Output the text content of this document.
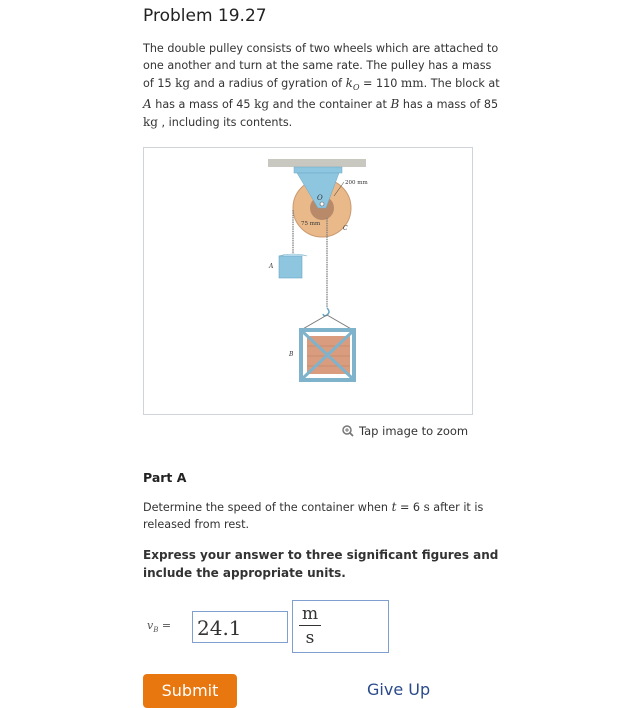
Problem 19.27
The double pulley consists of two wheels which are attached to one another and turn at the same rate. The pulley has a mass of 15 kg and a radius of gyration of $k_O = 110$ mm. The block at A has a mass of 45 kg and the container at B has a mass of 85 kg , including its contents.
O
200 mm
75 mm
C
A
B
Tap image to zoom
Part A
Determine the speed of the container when t = 6 s after it is released from rest.
Express your answer to three significant figures and include the appropriate units.
$v_B = 24.1$	$\frac{m}{s}$
Submit	Give Up
